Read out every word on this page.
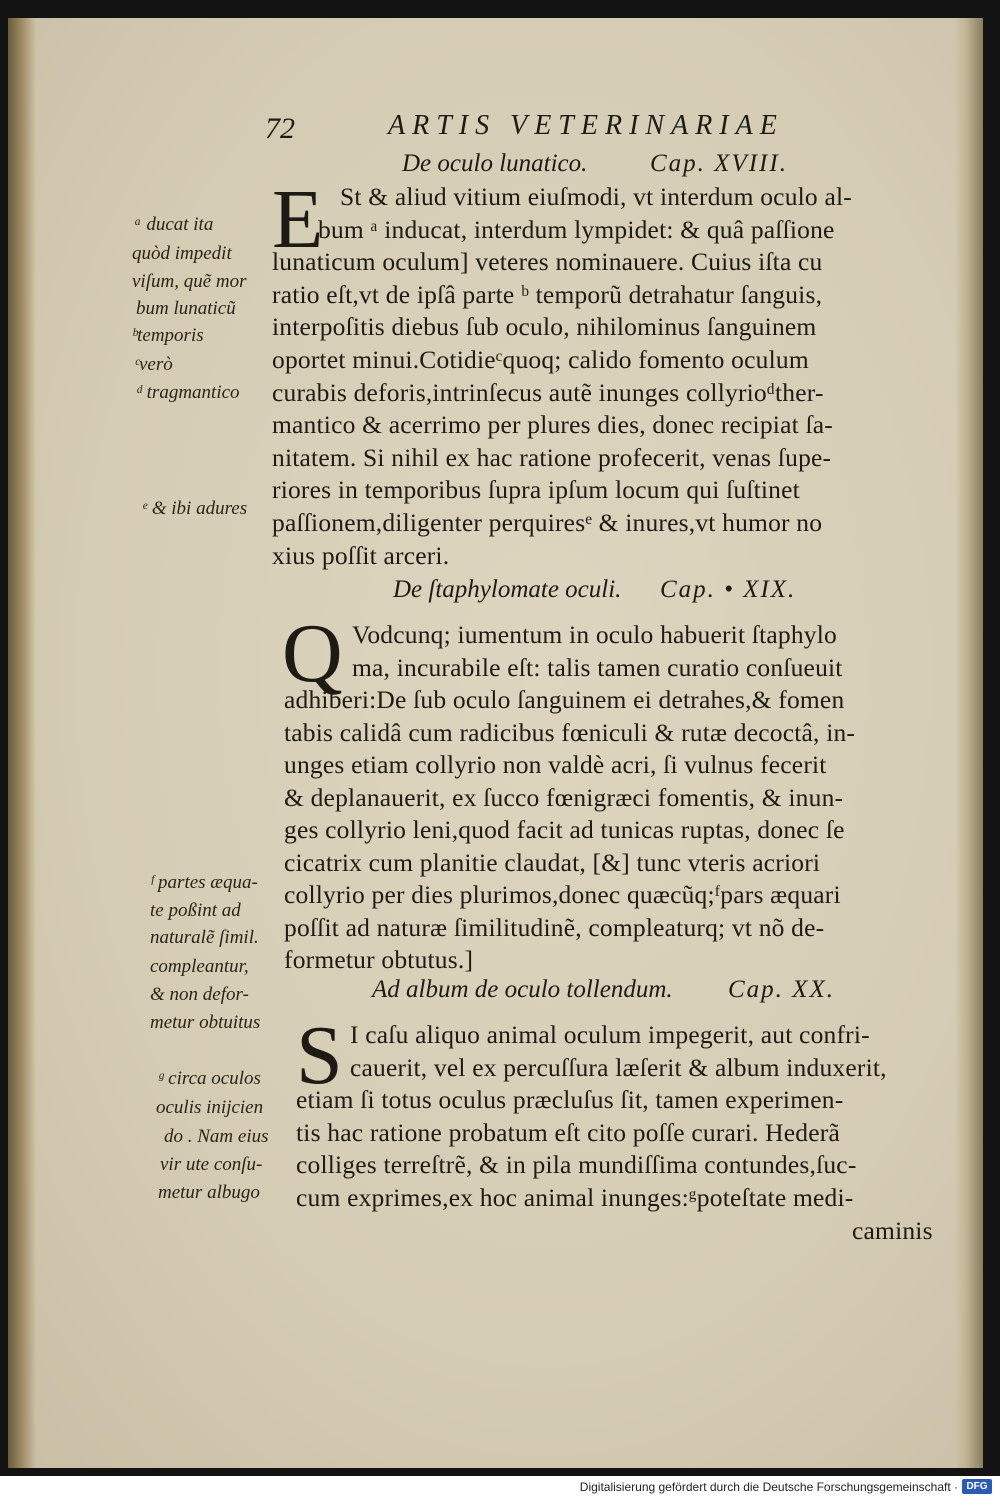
72	ARTIS VETERINARIAE
De oculo lunatico.	Cap. XVIII.
E St & aliud vitium eiuſmodi, vt interdum oculo al-
bum ᵃ inducat, interdum lympidet: & quâ paſſione
lunaticum oculum] veteres nominauere. Cuius iſta cu
ratio eſt,vt de ipſâ parte ᵇ temporũ detrahatur ſanguis,
interpoſitis diebus ſub oculo, nihilominus ſanguinem
oportet minui.Cotidieᶜquoq; calido fomento oculum
curabis deforis,intrinſecus autẽ inunges collyrioᵈther-
mantico & acerrimo per plures dies, donec recipiat ſa-
nitatem. Si nihil ex hac ratione profecerit, venas ſupe-
riores in temporibus ſupra ipſum locum qui ſuſtinet
paſſionem,diligenter perquiresᵉ & inures,vt humor no
xius poſſit arceri.
ᵃ ducat ita
quòd impedit
viſum, quẽ mor
bum lunaticũ
ᵇtemporis
ᶜverò
ᵈ tragmantico
ᵉ & ibi adures
De ſtaphylomate oculi. Cap. • XIX.
Q Vodcunq; iumentum in oculo habuerit ſtaphylo
ma, incurabile eſt: talis tamen curatio conſueuit
adhiberi:De ſub oculo ſanguinem ei detrahes,& fomen
tabis calidâ cum radicibus fœniculi & rutæ decoctâ, in-
unges etiam collyrio non valdè acri, ſi vulnus fecerit
& deplanauerit, ex ſucco fœnigræci fomentis, & inun-
ges collyrio leni,quod facit ad tunicas ruptas, donec ſe
cicatrix cum planitie claudat, [&] tunc vteris acriori
collyrio per dies plurimos,donec quæcũq;ᶠpars æquari
poſſit ad naturæ ſimilitudinẽ, compleaturq; vt nõ de-
formetur obtutus.]
ᶠ partes æqua-
te poßint ad
naturalẽ ſimil.
compleantur,
& non defor-
metur obtuitus
Ad album de oculo tollendum. Cap. XX.
S I caſu aliquo animal oculum impegerit, aut confri-
cauerit, vel ex percuſſura læſerit & album induxerit,
etiam ſi totus oculus præcluſus ſit, tamen experimen-
tis hac ratione probatum eſt cito poſſe curari. Hederã
colliges terreſtrẽ, & in pila mundiſſima contundes,ſuc-
cum exprimes,ex hoc animal inunges:ᵍpoteſtate medi-
caminis
ᵍ circa oculos
oculis inijcien
do . Nam eius
vir ute conſu-
metur albugo
Digitalisierung gefördert durch die Deutsche Forschungsgemeinschaft · DFG
